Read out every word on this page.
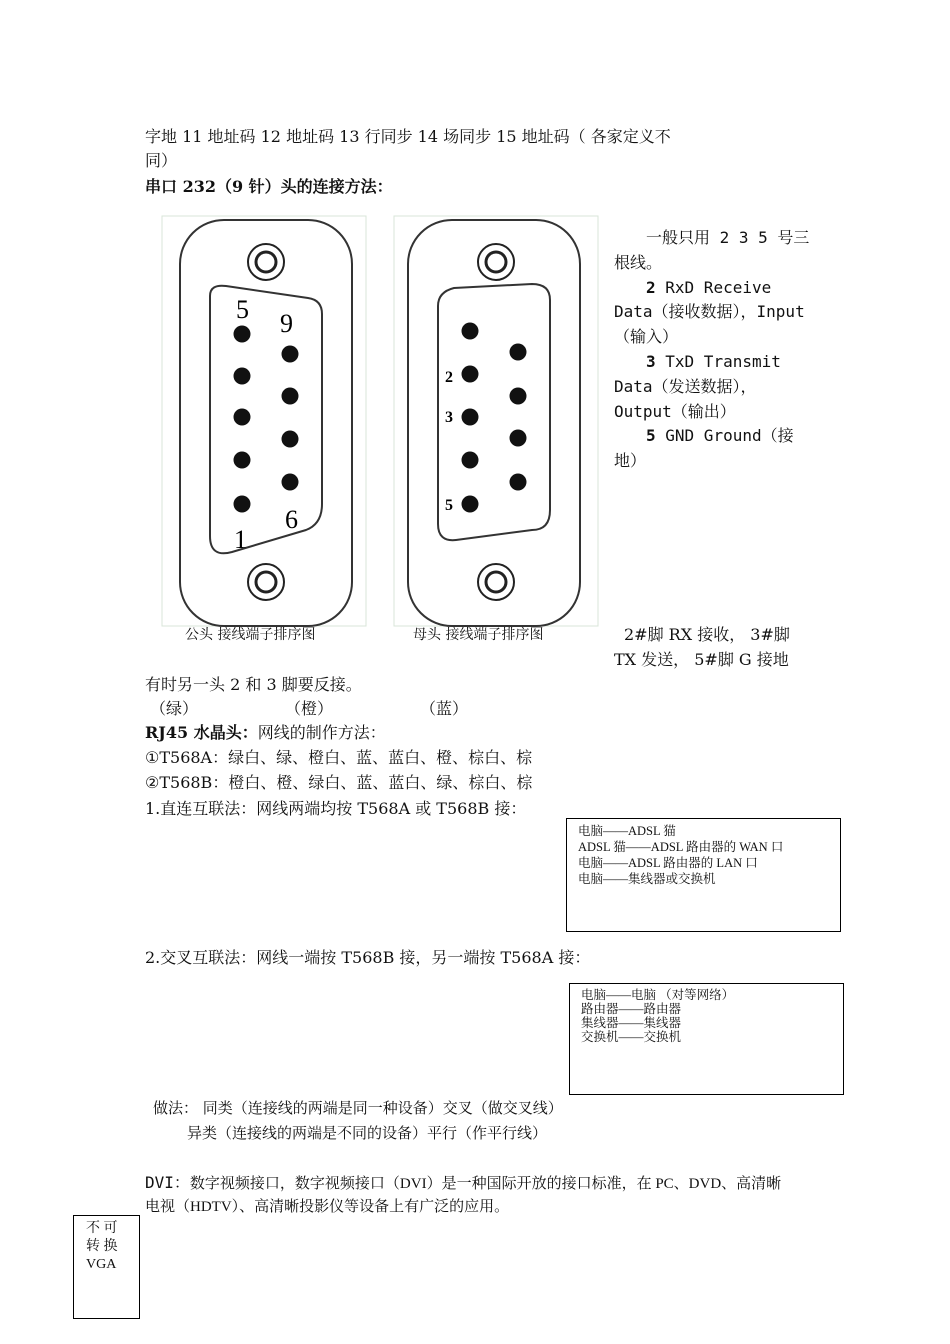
字地 11 地址码 12 地址码 13 行同步 14 场同步 15 地址码（ 各家定义不
同）
串口 232（9 针）头的连接方法：
5 9
1
6
2
3
5
公头 接线端子排序图	母头 接线端子排序图
一般只用 2 3 5 号三根线。
2 RxD Receive Data（接收数据），Input（输入）
3 TxD Transmit Data（发送数据），Output（输出）
5 GND Ground（接地）
2#脚 RX 接收， 3#脚
TX 发送， 5#脚 G 接地
有时另一头 2 和 3 脚要反接。
（绿）	（橙）	（蓝）
RJ45 水晶头：网线的制作方法：
①T568A：绿白、绿、橙白、蓝、蓝白、橙、棕白、棕
②T568B：橙白、橙、绿白、蓝、蓝白、绿、棕白、棕
1.直连互联法：网线两端均按 T568A 或 T568B 接：
电脑——ADSL 猫
ADSL 猫——ADSL 路由器的 WAN 口
电脑——ADSL 路由器的 LAN 口
电脑——集线器或交换机
2.交叉互联法：网线一端按 T568B 接，另一端按 T568A 接：
电脑——电脑 （对等网络）
路由器——路由器
集线器——集线器
交换机——交换机
做法： 同类（连接线的两端是同一种设备）交叉（做交叉线）
异类（连接线的两端是不同的设备）平行（作平行线）
DVI：数字视频接口，数字视频接口（DVI）是一种国际开放的接口标准，在 PC、DVD、高清晰
电视（HDTV）、高清晰投影仪等设备上有广泛的应用。
不 可
转 换
VGA
